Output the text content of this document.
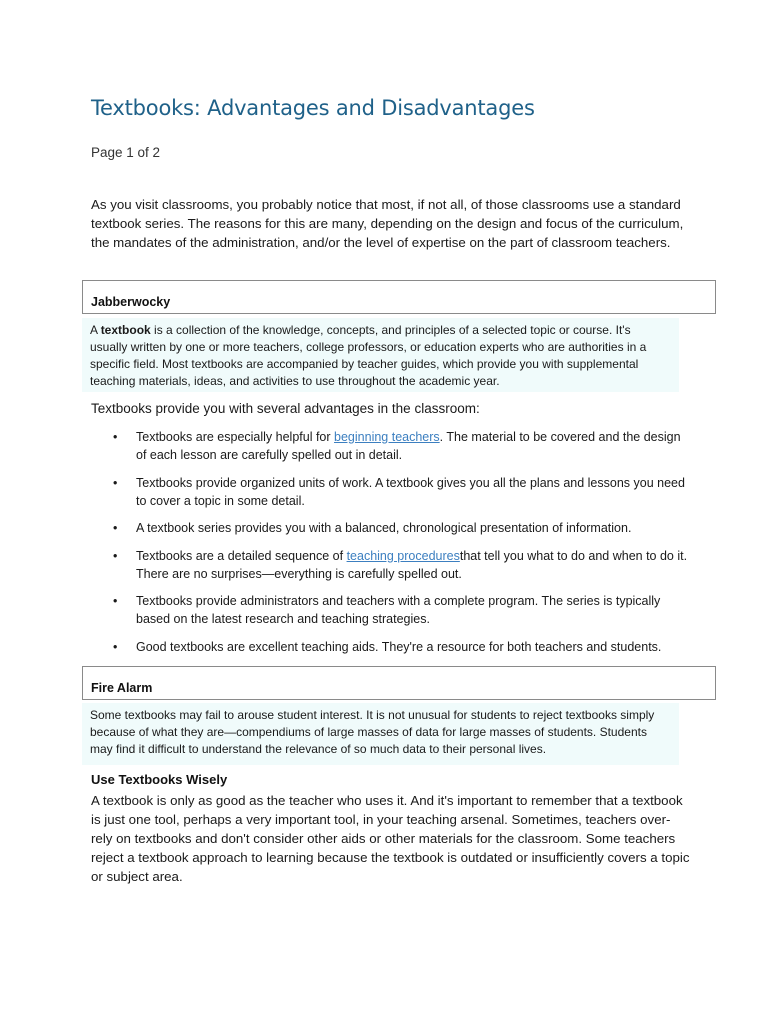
Textbooks: Advantages and Disadvantages
Page 1 of 2

As you visit classrooms, you probably notice that most, if not all, of those classrooms use a standard textbook series. The reasons for this are many, depending on the design and focus of the curriculum, the mandates of the administration, and/or the level of expertise on the part of classroom teachers.

Jabberwocky

A textbook is a collection of the knowledge, concepts, and principles of a selected topic or course. It's usually written by one or more teachers, college professors, or education experts who are authorities in a specific field. Most textbooks are accompanied by teacher guides, which provide you with supplemental teaching materials, ideas, and activities to use throughout the academic year.

Textbooks provide you with several advantages in the classroom:

• Textbooks are especially helpful for beginning teachers. The material to be covered and the design of each lesson are carefully spelled out in detail.
• Textbooks provide organized units of work. A textbook gives you all the plans and lessons you need to cover a topic in some detail.
• A textbook series provides you with a balanced, chronological presentation of information.
• Textbooks are a detailed sequence of teaching proceduresthat tell you what to do and when to do it. There are no surprises—everything is carefully spelled out.
• Textbooks provide administrators and teachers with a complete program. The series is typically based on the latest research and teaching strategies.
• Good textbooks are excellent teaching aids. They're a resource for both teachers and students.
Fire Alarm

Some textbooks may fail to arouse student interest. It is not unusual for students to reject textbooks simply because of what they are—compendiums of large masses of data for large masses of students. Students may find it difficult to understand the relevance of so much data to their personal lives.

Use Textbooks Wisely

A textbook is only as good as the teacher who uses it. And it's important to remember that a textbook is just one tool, perhaps a very important tool, in your teaching arsenal. Sometimes, teachers over-rely on textbooks and don't consider other aids or other materials for the classroom. Some teachers reject a textbook approach to learning because the textbook is outdated or insufficiently covers a topic or subject area.
